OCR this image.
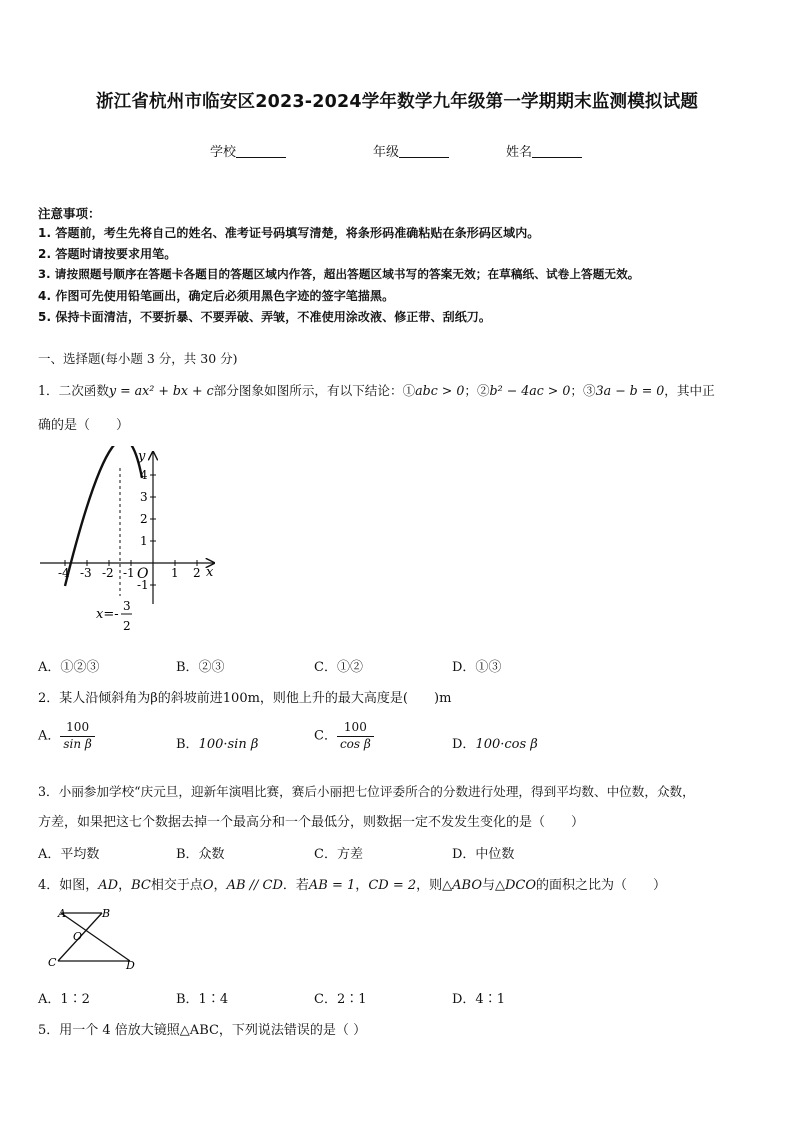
浙江省杭州市临安区2023-2024学年数学九年级第一学期期末监测模拟试题
学校	年级	姓名
注意事项：
1. 答题前，考生先将自己的姓名、准考证号码填写清楚，将条形码准确粘贴在条形码区域内。
2. 答题时请按要求用笔。
3. 请按照题号顺序在答题卡各题目的答题区域内作答，超出答题区域书写的答案无效；在草稿纸、试卷上答题无效。
4. 作图可先使用铅笔画出，确定后必须用黑色字迹的签字笔描黑。
5. 保持卡面清洁，不要折暴、不要弄破、弄皱，不准使用涂改液、修正带、刮纸刀。
一、选择题(每小题 3 分，共 30 分)
1．二次函数y = ax² + bx + c部分图象如图所示，有以下结论：①abc > 0；②b² − 4ac > 0；③3a − b = 0，其中正
确的是（　　）
y
x
O
4
3
2
1
-1
-4 -3 -2 -1	1 2
x=-
3
2
A．①②③	B．②③	C．①②	D．①③
2．某人沿倾斜角为β的斜坡前进100m，则他上升的最大高度是(　　)m
A． $\frac{100}{\text{sin β}}$	B．100·sin β
C． $\frac{100}{\text{cos β}}$	D．100·cos β
3．小丽参加学校“庆元旦，迎新年演唱比赛，赛后小丽把七位评委所合的分数进行处理，得到平均数、中位数，众数，
方差，如果把这七个数据去掉一个最高分和一个最低分，则数据一定不发发生变化的是（　　）
A．平均数	B．众数	C．方差	D．中位数
4．如图，AD，BC相交于点O，AB // CD．若AB = 1，CD = 2，则△ABO与△DCO的面积之比为（　　）
A	B
O
C	D
A．1∶2	B．1∶4	C．2∶1	D．4∶1
5．用一个 4 倍放大镜照△ABC，下列说法错误的是（ ）
